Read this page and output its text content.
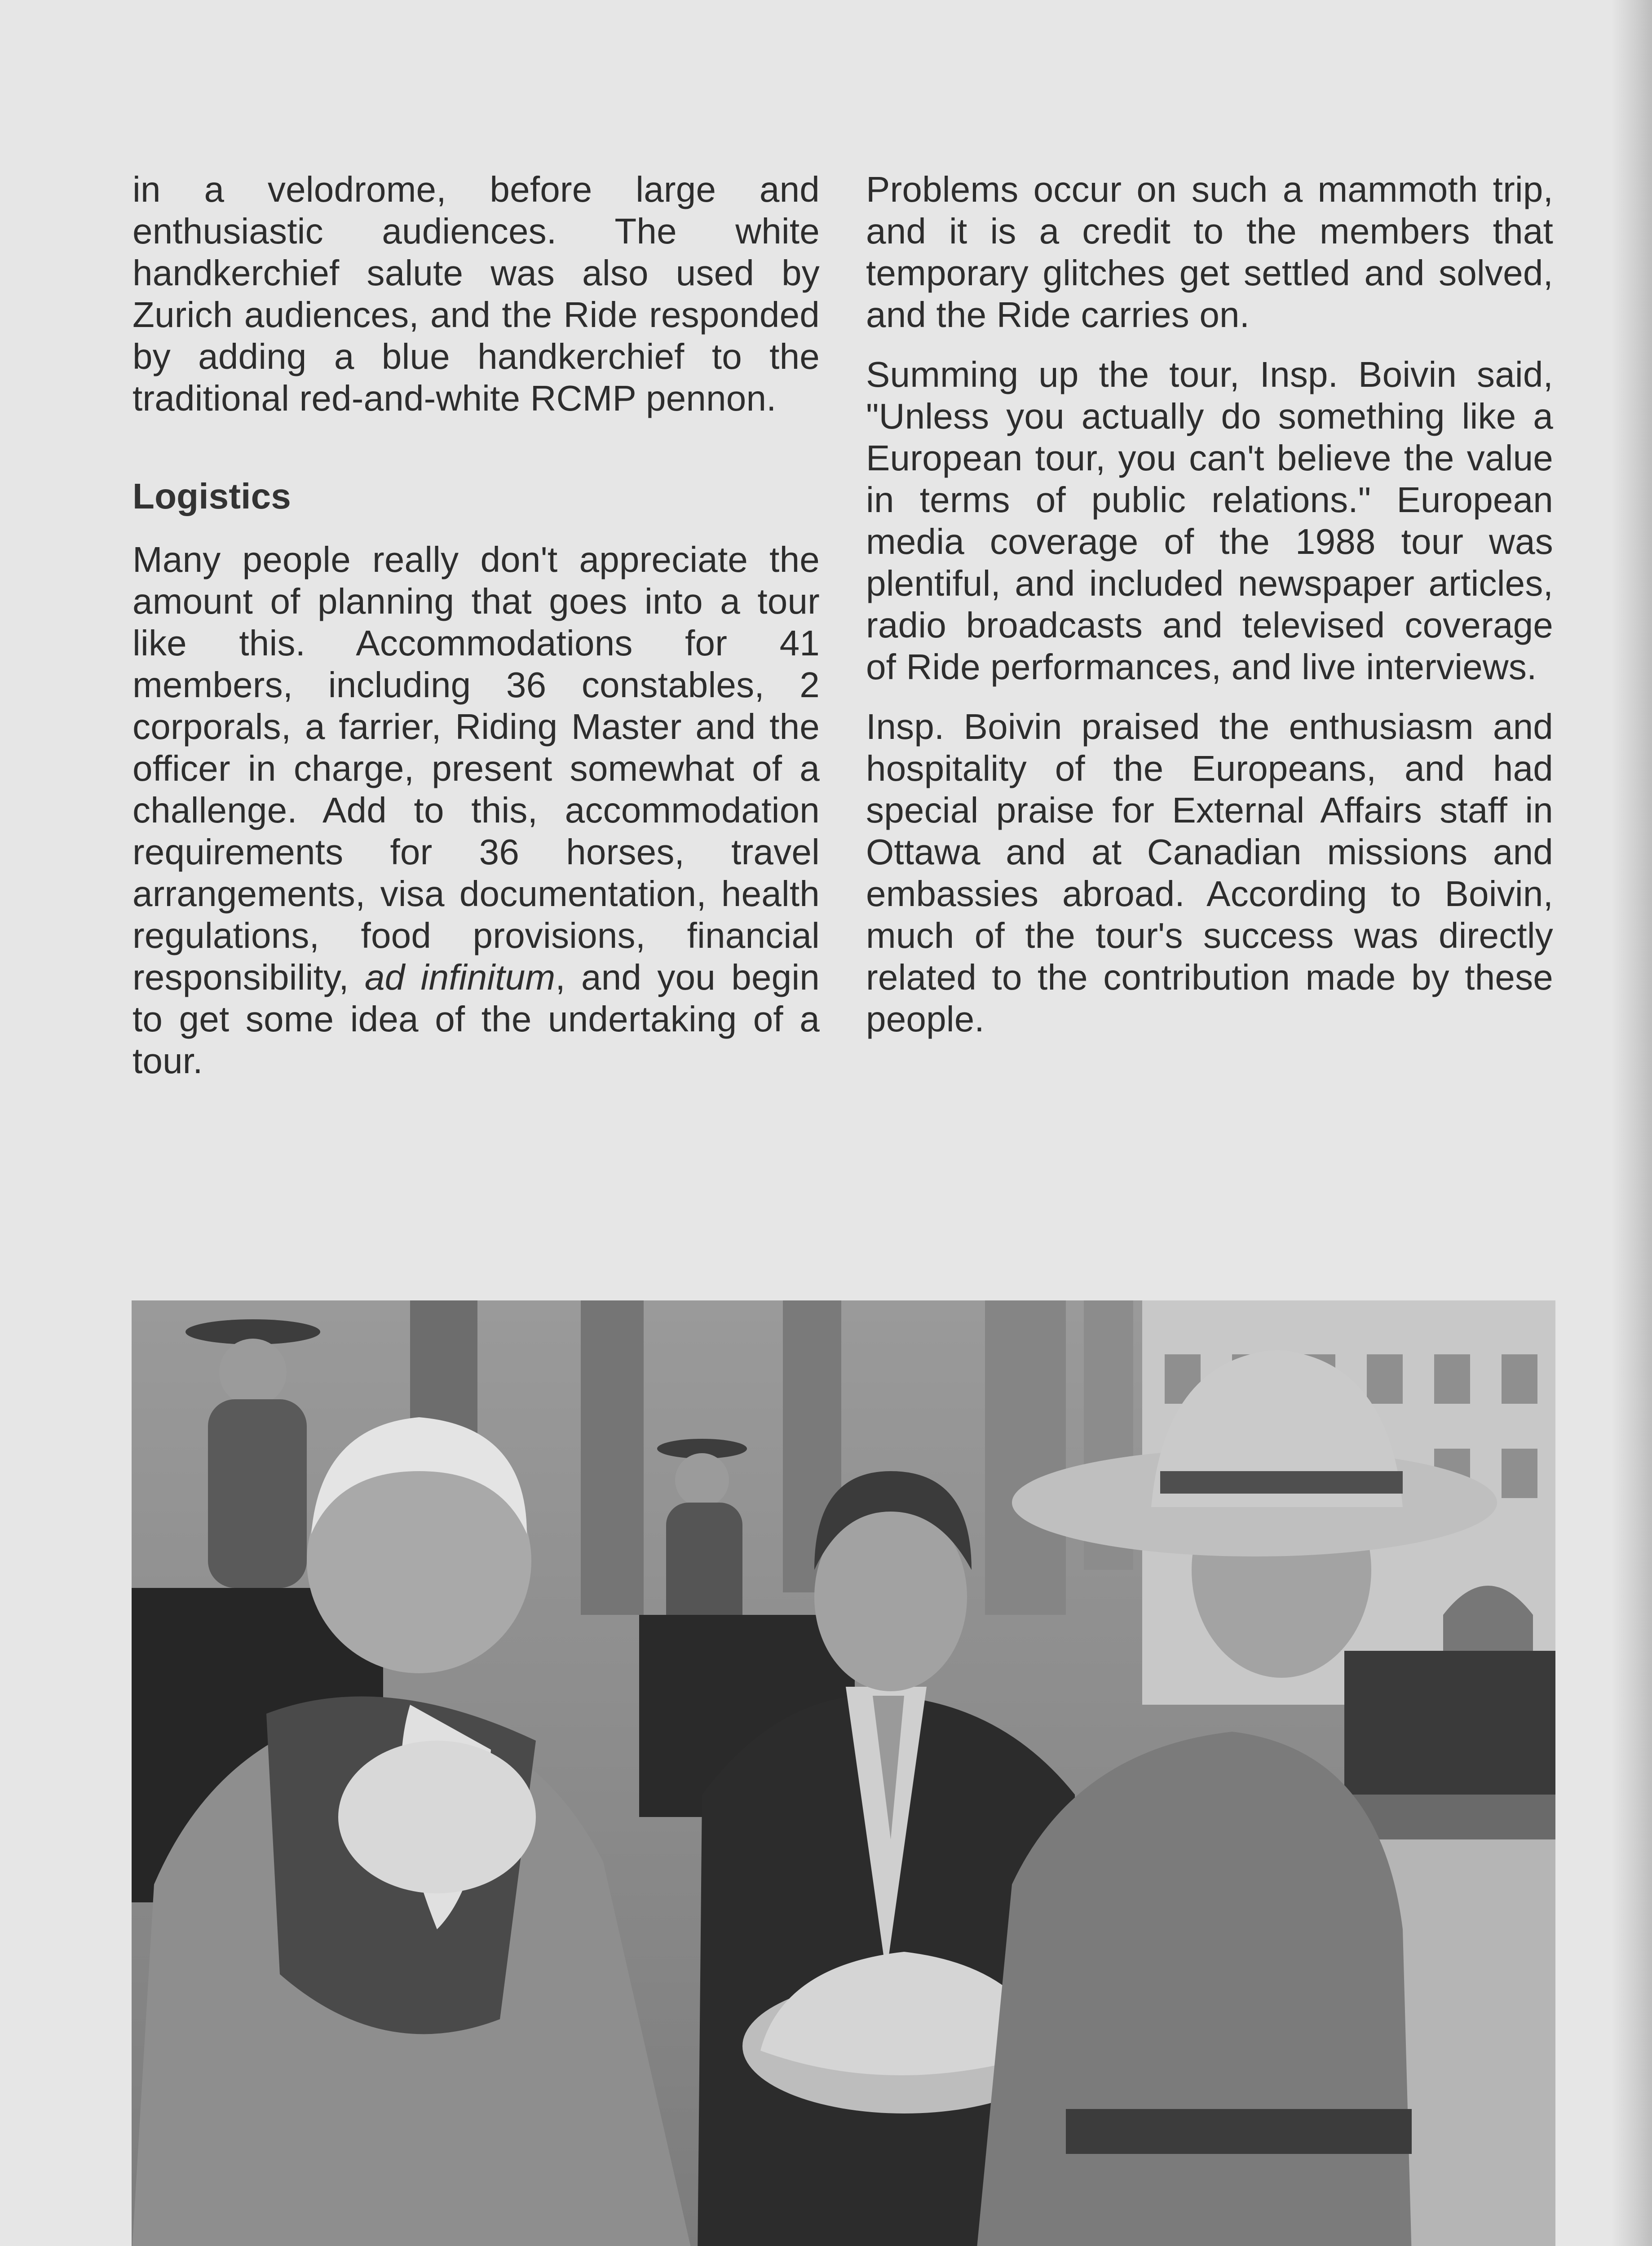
in a velodrome, before large and enthusiastic audiences. The white handkerchief salute was also used by Zurich audiences, and the Ride responded by adding a blue handkerchief to the traditional red-and-white RCMP pennon.

Logistics

Many people really don't appreciate the amount of planning that goes into a tour like this. Accommodations for 41 members, including 36 constables, 2 corporals, a farrier, Riding Master and the officer in charge, present somewhat of a challenge. Add to this, accommodation requirements for 36 horses, travel arrangements, visa documentation, health regulations, food provisions, financial responsibility, ad infinitum, and you begin to get some idea of the undertaking of a tour.

Problems occur on such a mammoth trip, and it is a credit to the members that temporary glitches get settled and solved, and the Ride carries on.

Summing up the tour, Insp. Boivin said, "Unless you actually do something like a European tour, you can't believe the value in terms of public relations." European media coverage of the 1988 tour was plentiful, and included newspaper articles, radio broadcasts and televised coverage of Ride performances, and live interviews.

Insp. Boivin praised the enthusiasm and hospitality of the Europeans, and had special praise for External Affairs staff in Ottawa and at Canadian missions and embassies abroad. According to Boivin, much of the tour's success was directly related to the contribution made by these people.
